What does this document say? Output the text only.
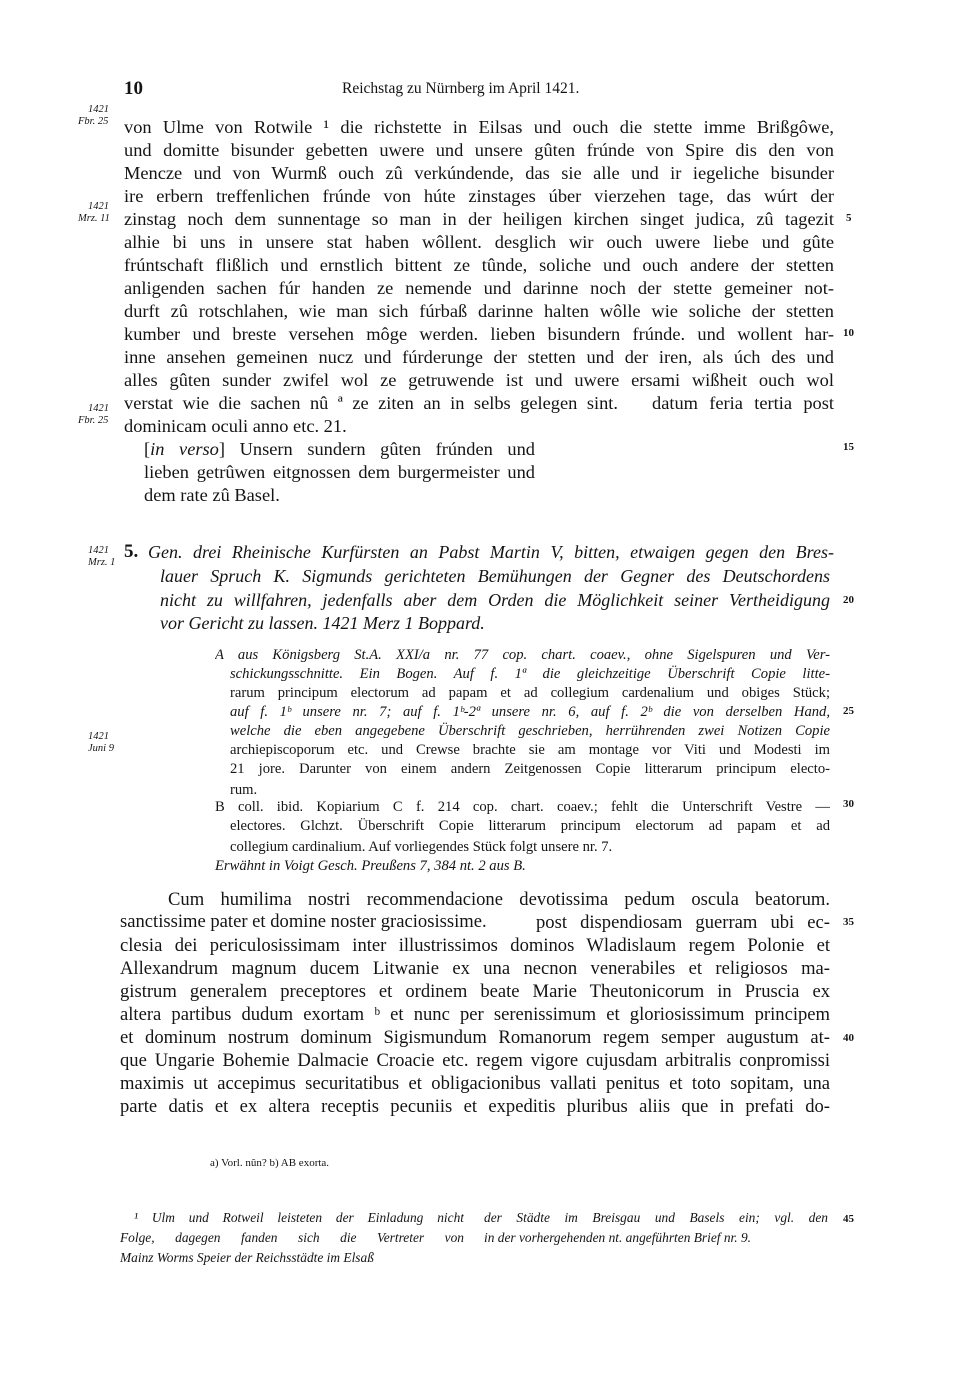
10	Reichstag zu Nürnberg im April 1421.
1421
Fbr. 25
1421
Mrz. 11
1421
Fbr. 25
1421
Mrz. 1
1421
Juni 9
5
10
15
20
25
30
35
40
45
von Ulme von Rotwile ¹ die richstette in Eilsas und ouch die stette imme Brißgôwe,
und domitte bisunder gebetten uwere und unsere gûten frúnde von Spire dis den von
Mencze und von Wurmß ouch zû verkúndende, das sie alle und ir iegeliche bisunder
ire erbern treffenlichen frúnde von húte zinstages úber vierzehen tage, das wúrt der
zinstag noch dem sunnentage so man in der heiligen kirchen singet judica, zû tagezit
alhie bi uns in unsere stat haben wôllent. desglich wir ouch uwere liebe und gûte
frúntschaft flißlich und ernstlich bittent ze tûnde, soliche und ouch andere der stetten
anligenden sachen fúr handen ze nemende und darinne noch der stette gemeiner not-
durft zû rotschlahen, wie man sich fúrbaß darinne halten wôlle wie soliche der stetten
kumber und breste versehen môge werden. lieben bisundern frúnde. und wollent har-
inne ansehen gemeinen nucz und fúrderunge der stetten und der iren, als úch des und
alles gûten sunder zwifel wol ze getruwende ist und uwere ersami wißheit ouch wol
verstat wie die sachen nû ª ze ziten an in selbs gelegen sint. datum feria tertia post
dominicam oculi anno etc. 21.
[in verso] Unsern sundern gûten frúnden und
lieben getrûwen eitgnossen dem burgermeister und
dem rate zû Basel.
5. Gen. drei Rheinische Kurfürsten an Pabst Martin V, bitten, etwaigen gegen den Bres-
lauer Spruch K. Sigmunds gerichteten Bemühungen der Gegner des Deutschordens
nicht zu willfahren, jedenfalls aber dem Orden die Möglichkeit seiner Vertheidigung
vor Gericht zu lassen. 1421 Merz 1 Boppard.
A aus Königsberg St.A. XXI/a nr. 77 cop. chart. coaev., ohne Sigelspuren und Ver-
schickungsschnitte. Ein Bogen. Auf f. 1ª die gleichzeitige Überschrift Copie litte-
rarum principum electorum ad papam et ad collegium cardenalium und obiges Stück;
auf f. 1ᵇ unsere nr. 7; auf f. 1ᵇ-2ª unsere nr. 6, auf f. 2ᵇ die von derselben Hand,
welche die eben angegebene Überschrift geschrieben, herrührenden zwei Notizen Copie
archiepiscoporum etc. und Crewse brachte sie am montage vor Viti und Modesti im
21 jore. Darunter von einem andern Zeitgenossen Copie litterarum principum electo-
rum.
B coll. ibid. Kopiarium C f. 214 cop. chart. coaev.; fehlt die Unterschrift Vestre —
electores. Glchzt. Überschrift Copie litterarum principum electorum ad papam et ad
collegium cardinalium. Auf vorliegendes Stück folgt unsere nr. 7.
Erwähnt in Voigt Gesch. Preußens 7, 384 nt. 2 aus B.
Cum humilima nostri recommendacione devotissima pedum oscula beatorum.
sanctissime pater et domine noster graciosissime.	post dispendiosam guerram ubi ec-
clesia dei periculosissimam inter illustrissimos dominos Wladislaum regem Polonie et
Allexandrum magnum ducem Litwanie ex una necnon venerabiles et religiosos ma-
gistrum generalem preceptores et ordinem beate Marie Theutonicorum in Pruscia ex
altera partibus dudum exortam ᵇ et nunc per serenissimum et gloriosissimum principem
et dominum nostrum dominum Sigismundum Romanorum regem semper augustum at-
que Ungarie Bohemie Dalmacie Croacie etc. regem vigore cujusdam arbitralis conpromissi
maximis ut accepimus securitatibus et obligacionibus vallati penitus et toto sopitam, una
parte datis et ex altera receptis pecuniis et expeditis pluribus aliis que in prefati do-
a) Vorl. nûn? b) AB exorta.
¹ Ulm und Rotweil leisteten der Einladung nicht
Folge, dagegen fanden sich die Vertreter von
Mainz Worms Speier der Reichsstädte im Elsaß
der Städte im Breisgau und Basels ein; vgl. den
in der vorhergehenden nt. angeführten Brief nr. 9.
